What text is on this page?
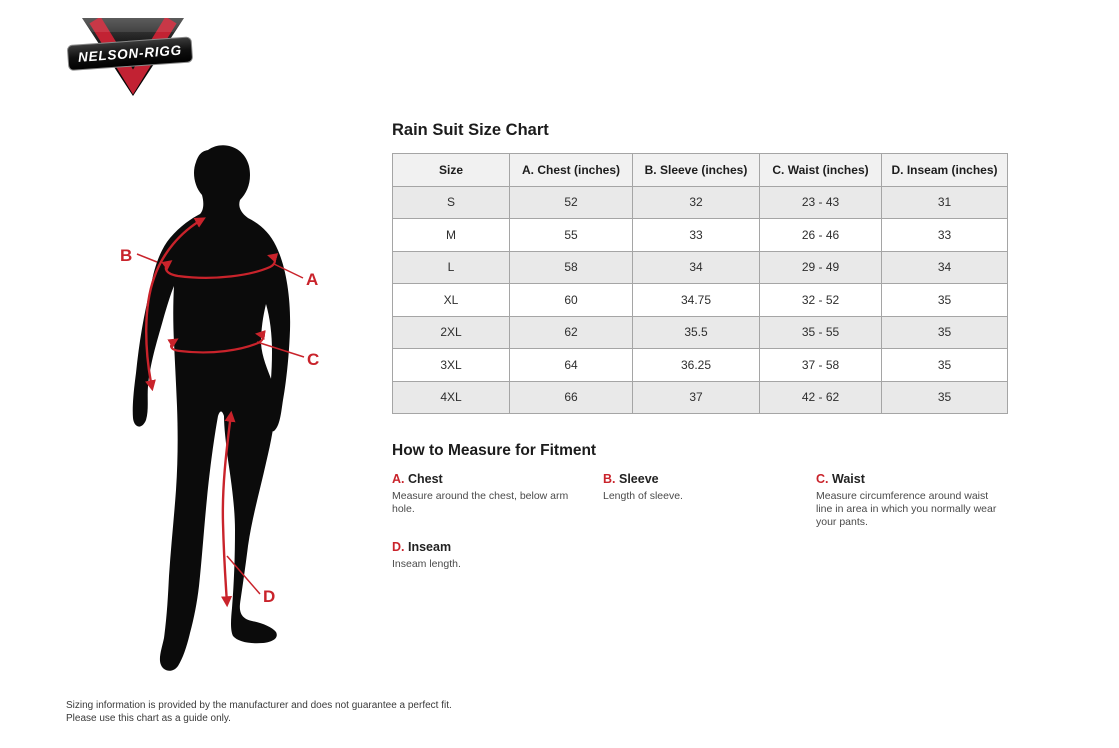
NELSON-RIGG
B
A
C
D
Rain Suit Size Chart
Size	A. Chest (inches)	B. Sleeve (inches)	C. Waist (inches)	D. Inseam (inches)
S	52	32	23 - 43	31
M	55	33	26 - 46	33
L	58	34	29 - 49	34
XL	60	34.75	32 - 52	35
2XL	62	35.5	35 - 55	35
3XL	64	36.25	37 - 58	35
4XL	66	37	42 - 62	35
How to Measure for Fitment
A. Chest

Measure around the chest, below arm hole.

B. Sleeve

Length of sleeve.

C. Waist

Measure circumference around waist line in area in which you normally wear your pants.

D. Inseam

Inseam length.

Sizing information is provided by the manufacturer and does not guarantee a perfect fit.
Please use this chart as a guide only.
